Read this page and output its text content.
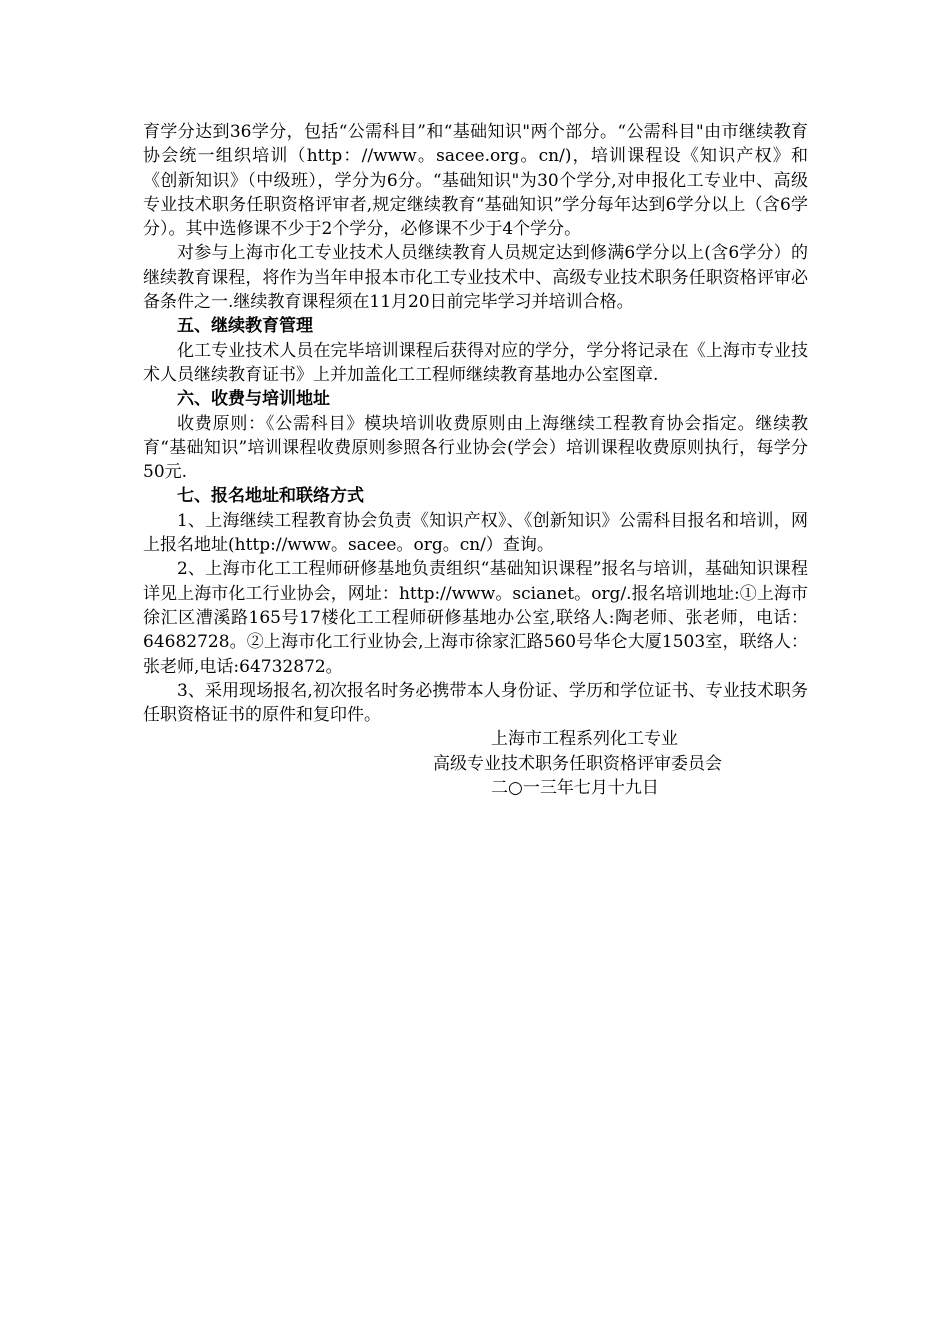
育学分达到36学分，包括“公需科目”和“基础知识"两个部分。“公需科目"由市继续教育协会统一组织培训（http：//www。sacee.org。cn/)，培训课程设《知识产权》和《创新知识》（中级班），学分为6分。“基础知识"为30个学分,对申报化工专业中、高级专业技术职务任职资格评审者,规定继续教育“基础知识”学分每年达到6学分以上（含6学分）。其中选修课不少于2个学分，必修课不少于4个学分。

对参与上海市化工专业技术人员继续教育人员规定达到修满6学分以上(含6学分）的继续教育课程，将作为当年申报本市化工专业技术中、高级专业技术职务任职资格评审必备条件之一.继续教育课程须在11月20日前完毕学习并培训合格。

五、继续教育管理

化工专业技术人员在完毕培训课程后获得对应的学分，学分将记录在《上海市专业技术人员继续教育证书》上并加盖化工工程师继续教育基地办公室图章.

六、收费与培训地址

收费原则：《公需科目》模块培训收费原则由上海继续工程教育协会指定。继续教育“基础知识”培训课程收费原则参照各行业协会(学会）培训课程收费原则执行，每学分50元.

七、报名地址和联络方式

1、上海继续工程教育协会负责《知识产权》、《创新知识》公需科目报名和培训，网上报名地址(http://www。sacee。org。cn/）查询。

2、上海市化工工程师研修基地负责组织“基础知识课程”报名与培训，基础知识课程详见上海市化工行业协会，网址：http://www。scianet。org/.报名培训地址:①上海市徐汇区漕溪路165号17楼化工工程师研修基地办公室,联络人:陶老师、张老师，电话：64682728。②上海市化工行业协会,上海市徐家汇路560号华仑大厦1503室，联络人：张老师,电话:64732872。

3、采用现场报名,初次报名时务必携带本人身份证、学历和学位证书、专业技术职务任职资格证书的原件和复印件。

上海市工程系列化工专业

高级专业技术职务任职资格评审委员会

二○一三年七月十九日
